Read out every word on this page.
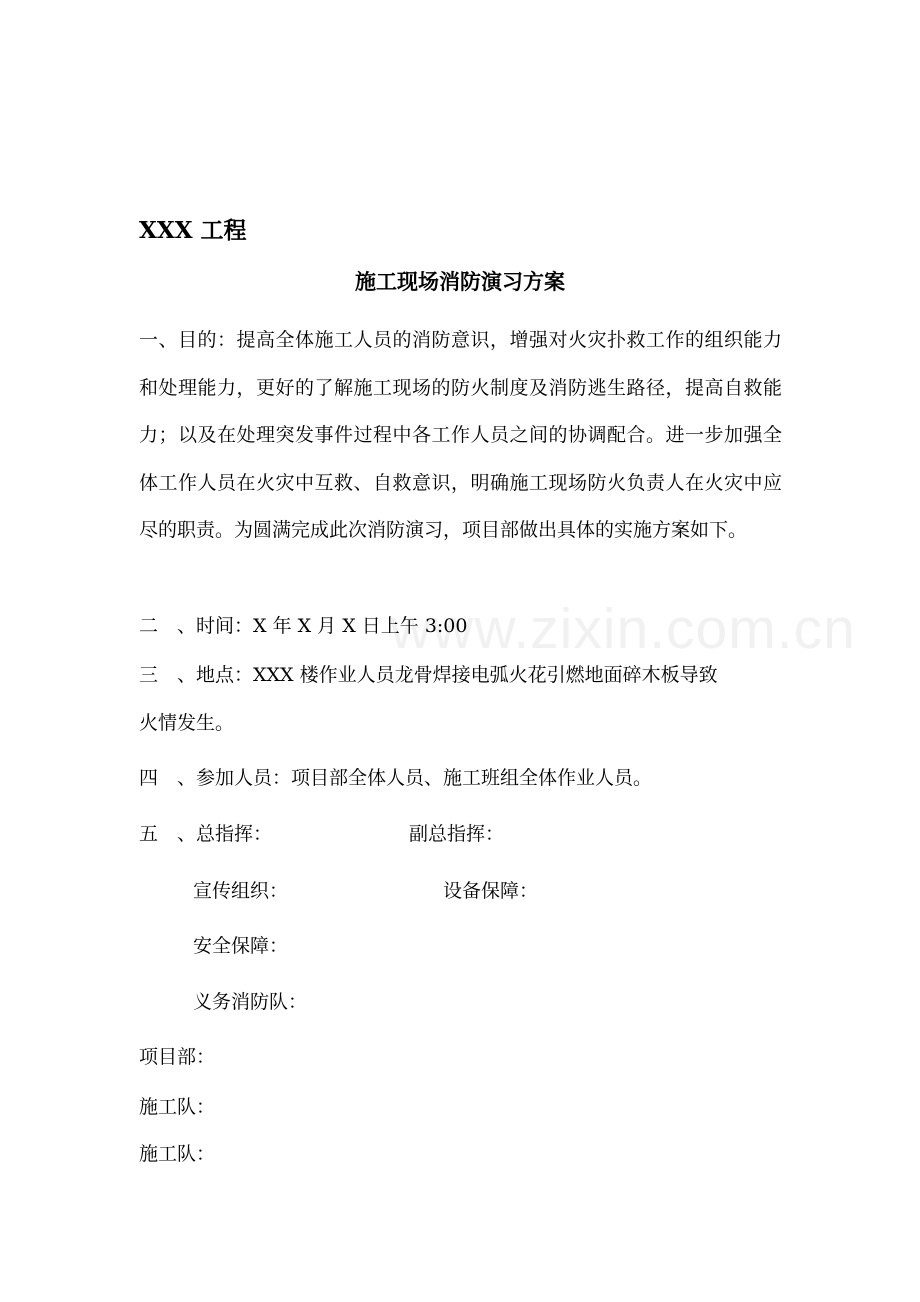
www.zixin.com.cn
XXX 工程
施工现场消防演习方案
一、目的：提高全体施工人员的消防意识，增强对火灾扑救工作的组织能力和处理能力，更好的了解施工现场的防火制度及消防逃生路径，提高自救能力；以及在处理突发事件过程中各工作人员之间的协调配合。进一步加强全体工作人员在火灾中互救、自救意识，明确施工现场防火负责人在火灾中应尽的职责。为圆满完成此次消防演习，项目部做出具体的实施方案如下。
二　、时间：X 年 X 月 X 日上午 3:00
三　、地点：XXX 楼作业人员龙骨焊接电弧火花引燃地面碎木板导致
火情发生。
四　、参加人员：项目部全体人员、施工班组全体作业人员。
五　、总指挥：	副总指挥：
宣传组织：	设备保障：
安全保障：
义务消防队：
项目部：
施工队：
施工队：
